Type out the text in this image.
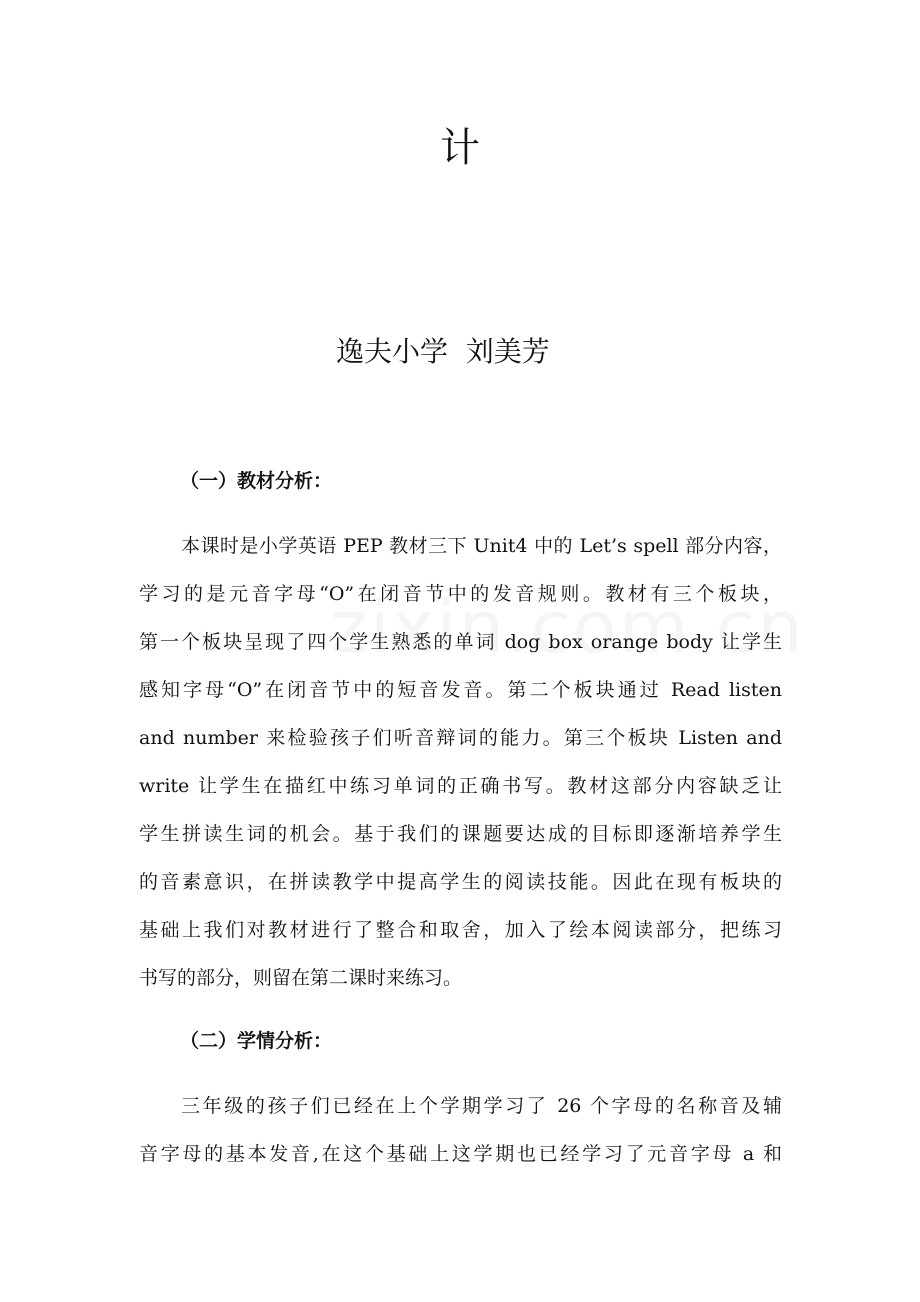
计
逸夫小学  刘美芳
（一）教材分析：
本课时是小学英语 PEP 教材三下 Unit4 中的 Let’s spell 部分内容，
学习的是元音字母“O”在闭音节中的发音规则。教材有三个板块，
第一个板块呈现了四个学生熟悉的单词 dog box orange body 让学生
感知字母“O”在闭音节中的短音发音。第二个板块通过 Read listen
and number 来检验孩子们听音辩词的能力。第三个板块 Listen and
write 让学生在描红中练习单词的正确书写。教材这部分内容缺乏让
学生拼读生词的机会。基于我们的课题要达成的目标即逐渐培养学生
的音素意识，在拼读教学中提高学生的阅读技能。因此在现有板块的
基础上我们对教材进行了整合和取舍，加入了绘本阅读部分，把练习
书写的部分，则留在第二课时来练习。
（二）学情分析：
三年级的孩子们已经在上个学期学习了 26 个字母的名称音及辅
音字母的基本发音,在这个基础上这学期也已经学习了元音字母 a 和
